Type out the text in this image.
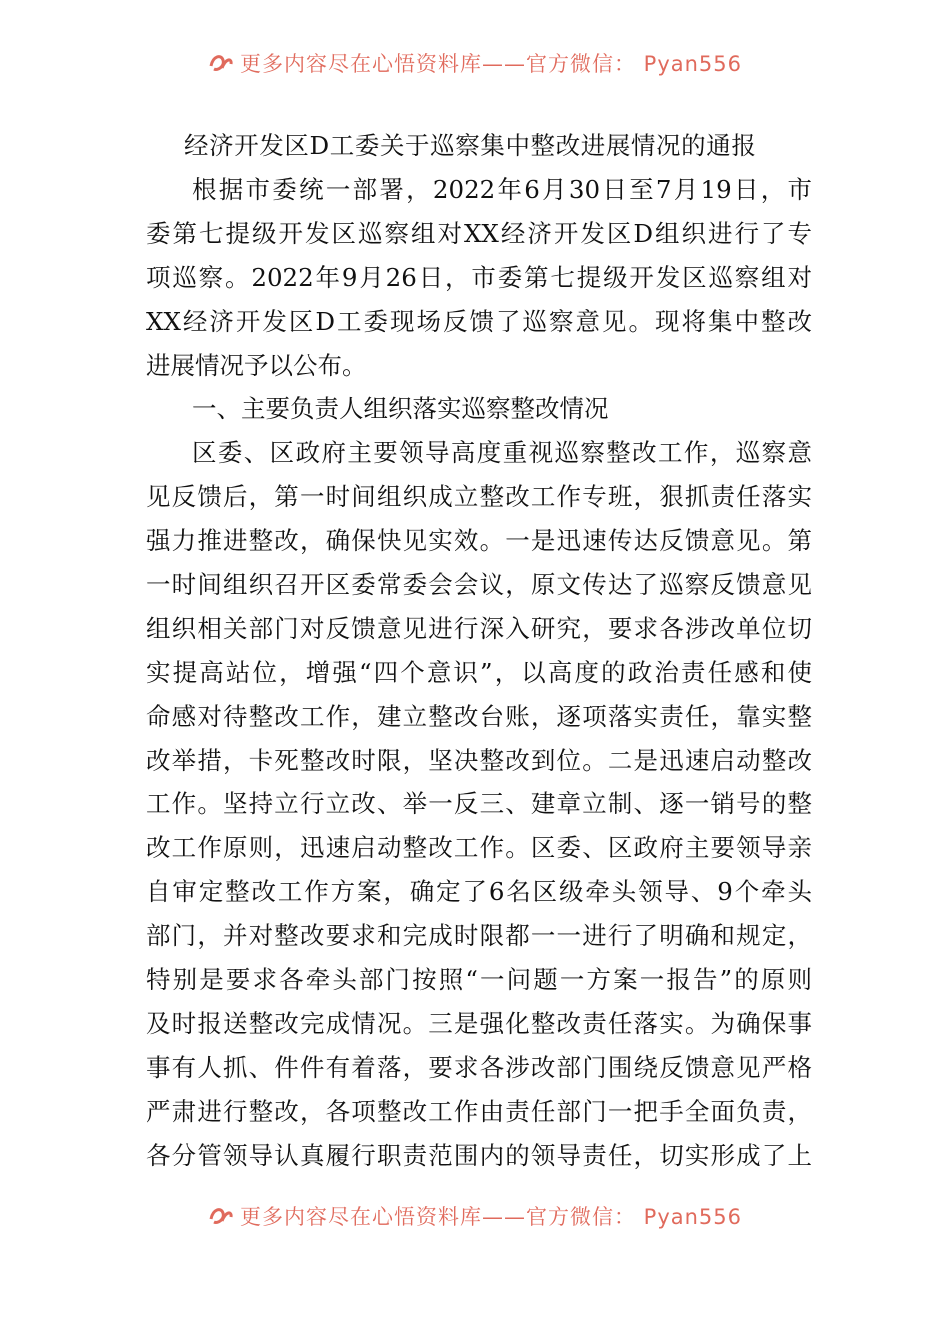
更多内容尽在心悟资料库——官方微信： Pyan556
经济开发区D工委关于巡察集中整改进展情况的通报
根据市委统一部署，2022年6月30日至7月19日，市
委第七提级开发区巡察组对XX经济开发区D组织进行了专
项巡察。2022年9月26日，市委第七提级开发区巡察组对
XX经济开发区D工委现场反馈了巡察意见。现将集中整改
进展情况予以公布。
一、主要负责人组织落实巡察整改情况
区委、区政府主要领导高度重视巡察整改工作，巡察意
见反馈后，第一时间组织成立整改工作专班，狠抓责任落实
强力推进整改，确保快见实效。一是迅速传达反馈意见。第
一时间组织召开区委常委会会议，原文传达了巡察反馈意见
组织相关部门对反馈意见进行深入研究，要求各涉改单位切
实提高站位，增强“四个意识”，以高度的政治责任感和使
命感对待整改工作，建立整改台账，逐项落实责任，靠实整
改举措，卡死整改时限，坚决整改到位。二是迅速启动整改
工作。坚持立行立改、举一反三、建章立制、逐一销号的整
改工作原则，迅速启动整改工作。区委、区政府主要领导亲
自审定整改工作方案，确定了6名区级牵头领导、9个牵头
部门，并对整改要求和完成时限都一一进行了明确和规定，
特别是要求各牵头部门按照“一问题一方案一报告”的原则
及时报送整改完成情况。三是强化整改责任落实。为确保事
事有人抓、件件有着落，要求各涉改部门围绕反馈意见严格
严肃进行整改，各项整改工作由责任部门一把手全面负责，
各分管领导认真履行职责范围内的领导责任，切实形成了上
更多内容尽在心悟资料库——官方微信： Pyan556
